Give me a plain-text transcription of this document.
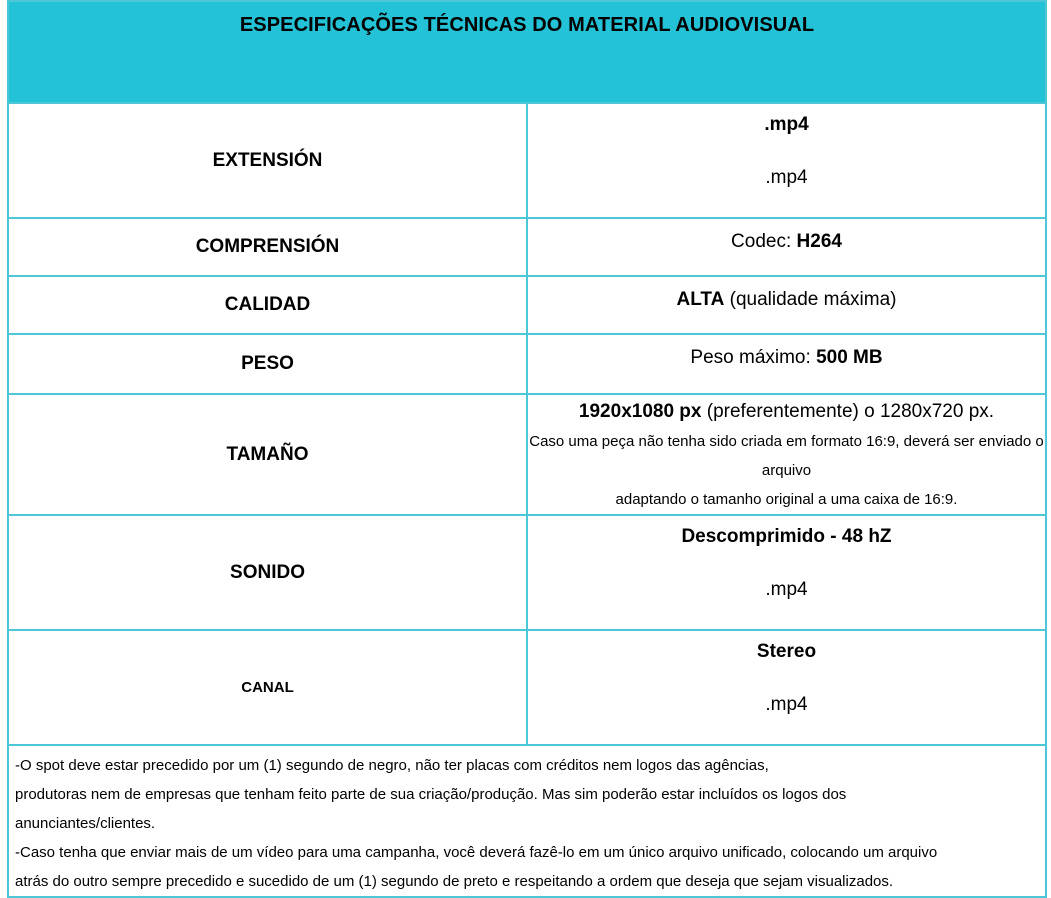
ESPECIFICAÇÕES TÉCNICAS DO MATERIAL AUDIOVISUAL	

EXTENSIÓN	.mp4
.mp4

COMPRENSIÓN	Codec: H264

CALIDAD	ALTA (qualidade máxima)

PESO	Peso máximo: 500 MB

TAMAÑO	1920x1080 px (preferentemente) o 1280x720 px.
Caso uma peça não tenha sido criada em formato 16:9, deverá ser enviado o arquivo
adaptando o tamanho original a uma caixa de 16:9.

SONIDO	Descomprimido - 48 hZ
.mp4

CANAL	Stereo
.mp4

-O spot deve estar precedido por um (1) segundo de negro, não ter placas com créditos nem logos das agências,
produtoras nem de empresas que tenham feito parte de sua criação/produção. Mas sim poderão estar incluídos os logos dos
anunciantes/clientes.
-Caso tenha que enviar mais de um vídeo para uma campanha, você deverá fazê-lo em um único arquivo unificado, colocando um arquivo
atrás do outro sempre precedido e sucedido de um (1) segundo de preto e respeitando a ordem que deseja que sejam visualizados.	
